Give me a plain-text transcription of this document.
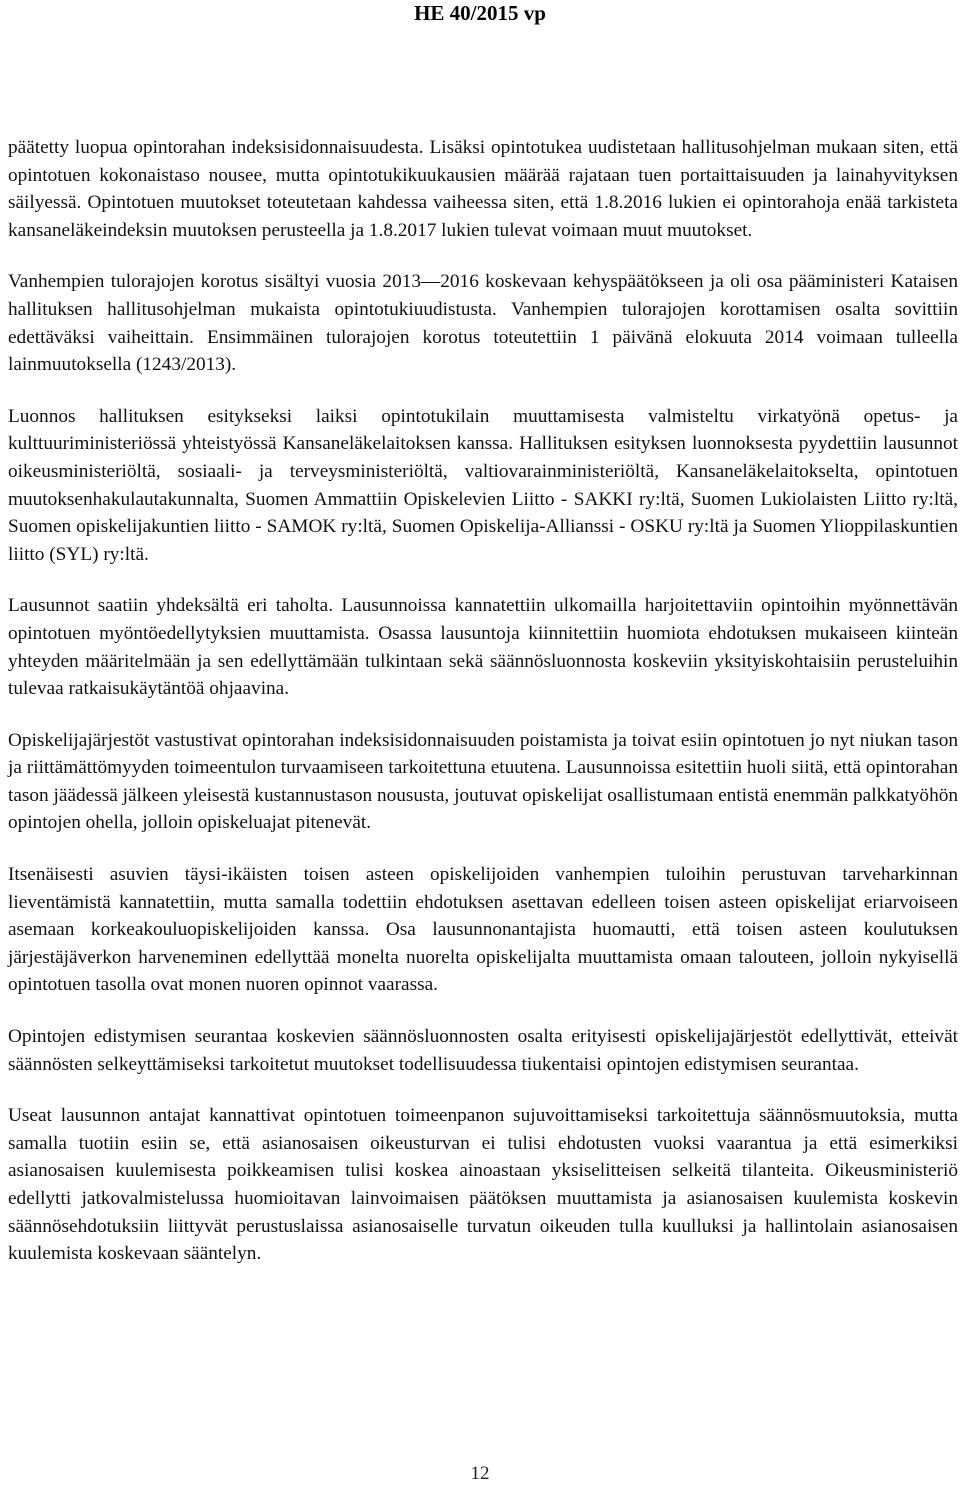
HE 40/2015 vp

päätetty luopua opintorahan indeksisidonnaisuudesta. Lisäksi opintotukea uudistetaan hallitusohjelman mukaan siten, että opintotuen kokonaistaso nousee, mutta opintotukikuukausien määrää rajataan tuen portaittaisuuden ja lainahyvityksen säilyessä. Opintotuen muutokset toteutetaan kahdessa vaiheessa siten, että 1.8.2016 lukien ei opintorahoja enää tarkisteta kansaneläkeindeksin muutoksen perusteella ja 1.8.2017 lukien tulevat voimaan muut muutokset.

Vanhempien tulorajojen korotus sisältyi vuosia 2013—2016 koskevaan kehyspäätökseen ja oli osa pääministeri Kataisen hallituksen hallitusohjelman mukaista opintotukiuudistusta. Vanhempien tulorajojen korottamisen osalta sovittiin edettäväksi vaiheittain. Ensimmäinen tulorajojen korotus toteutettiin 1 päivänä elokuuta 2014 voimaan tulleella lainmuutoksella (1243/2013).

Luonnos hallituksen esitykseksi laiksi opintotukilain muuttamisesta valmisteltu virkatyönä opetus- ja kulttuuriministeriössä yhteistyössä Kansaneläkelaitoksen kanssa. Hallituksen esityksen luonnoksesta pyydettiin lausunnot oikeusministeriöltä, sosiaali- ja terveysministeriöltä, valtiovarainministeriöltä, Kansaneläkelaitokselta, opintotuen muutoksenhakulautakunnalta, Suomen Ammattiin Opiskelevien Liitto - SAKKI ry:ltä, Suomen Lukiolaisten Liitto ry:ltä, Suomen opiskelijakuntien liitto - SAMOK ry:ltä, Suomen Opiskelija-Allianssi - OSKU ry:ltä ja Suomen Ylioppilaskuntien liitto (SYL) ry:ltä.

Lausunnot saatiin yhdeksältä eri taholta. Lausunnoissa kannatettiin ulkomailla harjoitettaviin opintoihin myönnettävän opintotuen myöntöedellytyksien muuttamista. Osassa lausuntoja kiinnitettiin huomiota ehdotuksen mukaiseen kiinteän yhteyden määritelmään ja sen edellyttämään tulkintaan sekä säännösluonnosta koskeviin yksityiskohtaisiin perusteluihin tulevaa ratkaisukäytäntöä ohjaavina.

Opiskelijajärjestöt vastustivat opintorahan indeksisidonnaisuuden poistamista ja toivat esiin opintotuen jo nyt niukan tason ja riittämättömyyden toimeentulon turvaamiseen tarkoitettuna etuutena. Lausunnoissa esitettiin huoli siitä, että opintorahan tason jäädessä jälkeen yleisestä kustannustason noususta, joutuvat opiskelijat osallistumaan entistä enemmän palkkatyöhön opintojen ohella, jolloin opiskeluajat pitenevät.

Itsenäisesti asuvien täysi-ikäisten toisen asteen opiskelijoiden vanhempien tuloihin perustuvan tarveharkinnan lieventämistä kannatettiin, mutta samalla todettiin ehdotuksen asettavan edelleen toisen asteen opiskelijat eriarvoiseen asemaan korkeakouluopiskelijoiden kanssa. Osa lausunnonantajista huomautti, että toisen asteen koulutuksen järjestäjäverkon harveneminen edellyttää monelta nuorelta opiskelijalta muuttamista omaan talouteen, jolloin nykyisellä opintotuen tasolla ovat monen nuoren opinnot vaarassa.

Opintojen edistymisen seurantaa koskevien säännösluonnosten osalta erityisesti opiskelijajärjestöt edellyttivät, etteivät säännösten selkeyttämiseksi tarkoitetut muutokset todellisuudessa tiukentaisi opintojen edistymisen seurantaa.

Useat lausunnon antajat kannattivat opintotuen toimeenpanon sujuvoittamiseksi tarkoitettuja säännösmuutoksia, mutta samalla tuotiin esiin se, että asianosaisen oikeusturvan ei tulisi ehdotusten vuoksi vaarantua ja että esimerkiksi asianosaisen kuulemisesta poikkeamisen tulisi koskea ainoastaan yksiselitteisen selkeitä tilanteita. Oikeusministeriö edellytti jatkovalmistelussa huomioitavan lainvoimaisen päätöksen muuttamista ja asianosaisen kuulemista koskevin säännösehdotuksiin liittyvät perustuslaissa asianosaiselle turvatun oikeuden tulla kuulluksi ja hallintolain asianosaisen kuulemista koskevaan sääntelyn.

12
